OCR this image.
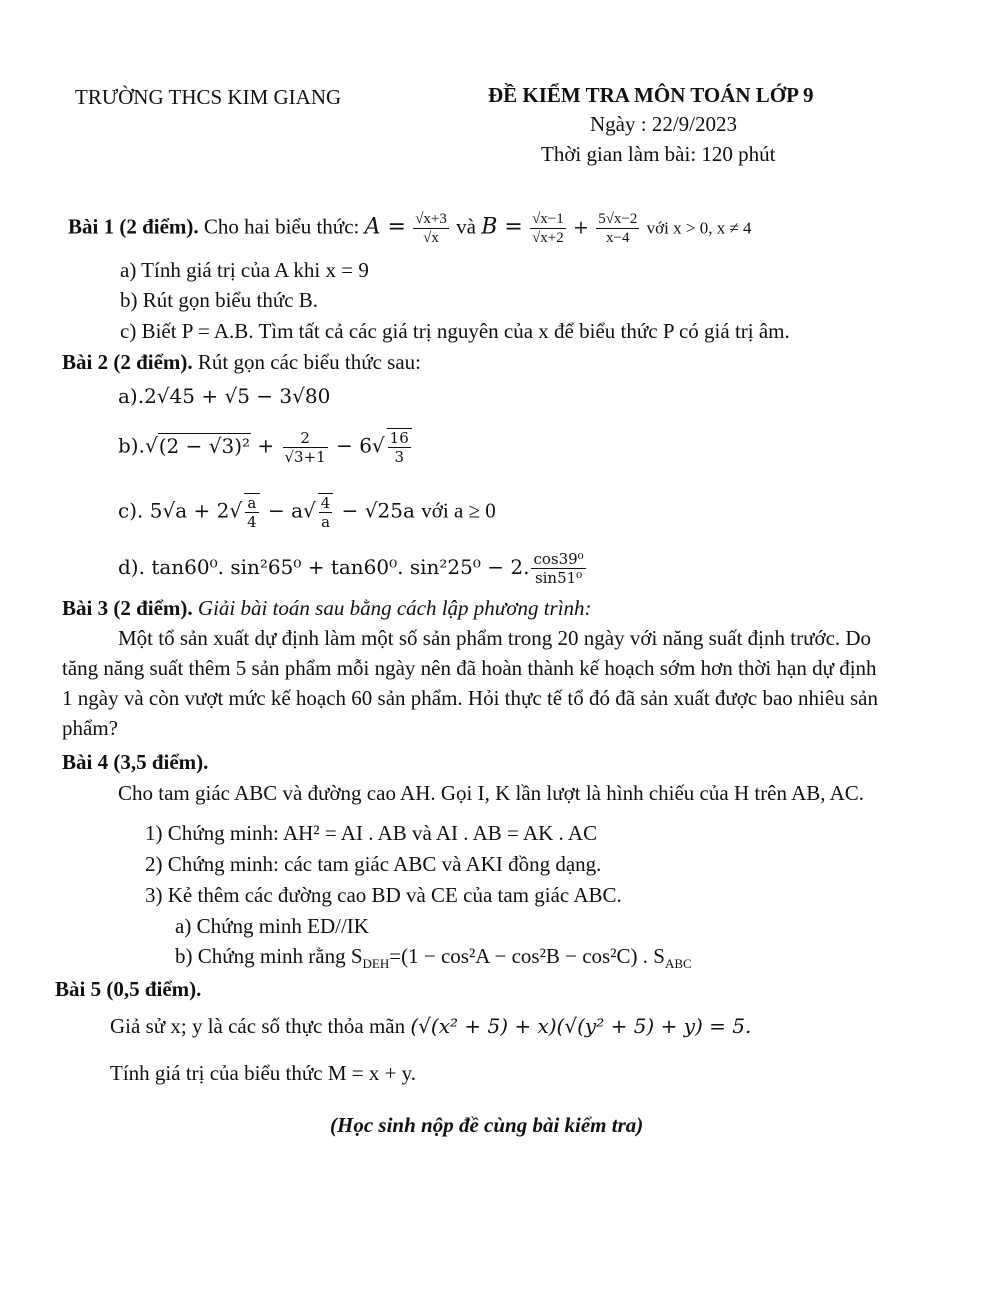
TRƯỜNG THCS KIM GIANG	ĐỀ KIỂM TRA MÔN TOÁN LỚP 9
Ngày : 22/9/2023
Thời gian làm bài: 120 phút
Bài 1 (2 điểm). Cho hai biểu thức: $A = \frac{√x+3}{√x}$ và $B = \frac{√x-1}{√x+2} + \frac{5√x-2}{x-4}$ với x > 0, x ≠ 4
a) Tính giá trị của A khi x = 9
b) Rút gọn biểu thức B.
c) Biết P = A.B. Tìm tất cả các giá trị nguyên của x để biểu thức P có giá trị âm.
Bài 2 (2 điểm). Rút gọn các biểu thức sau:
a).2√45 + √5 − 3√80
$b).√(2 - √3)^2 + \frac{2}{√3+1} - 6√ \frac{16}{3}$
c). $5√a + 2√ \frac{a}{4} - a√ \frac{4}{a} - √25a$ với a ≥ 0
d). tan60⁰. sin²65⁰ + tan60⁰. sin²25⁰ − 2. $\frac{\text{cos39⁰}}{\text{sin51⁰}}$
Bài 3 (2 điểm). Giải bài toán sau bằng cách lập phương trình:
Một tổ sản xuất dự định làm một số sản phẩm trong 20 ngày với năng suất định trước. Do
tăng năng suất thêm 5 sản phẩm mỗi ngày nên đã hoàn thành kế hoạch sớm hơn thời hạn dự định
1 ngày và còn vượt mức kế hoạch 60 sản phẩm. Hỏi thực tế tổ đó đã sản xuất được bao nhiêu sản
phẩm?
Bài 4 (3,5 điểm).
Cho tam giác ABC và đường cao AH. Gọi I, K lần lượt là hình chiếu của H trên AB, AC.
1) Chứng minh: AH² = AI . AB và AI . AB = AK . AC
2) Chứng minh: các tam giác ABC và AKI đồng dạng.
3) Kẻ thêm các đường cao BD và CE của tam giác ABC.
a) Chứng minh ED//IK
b) Chứng minh rằng $S_{DEH}=(1 - \cos^2A - \cos^2B - \cos^2C)$ . $S_{ABC}$
Bài 5 (0,5 điểm).
Giả sử x; y là các số thực thỏa mãn (√(x² + 5) + x)(√(y² + 5) + y) = 5.
Tính giá trị của biểu thức M = x + y.
(Học sinh nộp đề cùng bài kiểm tra)
